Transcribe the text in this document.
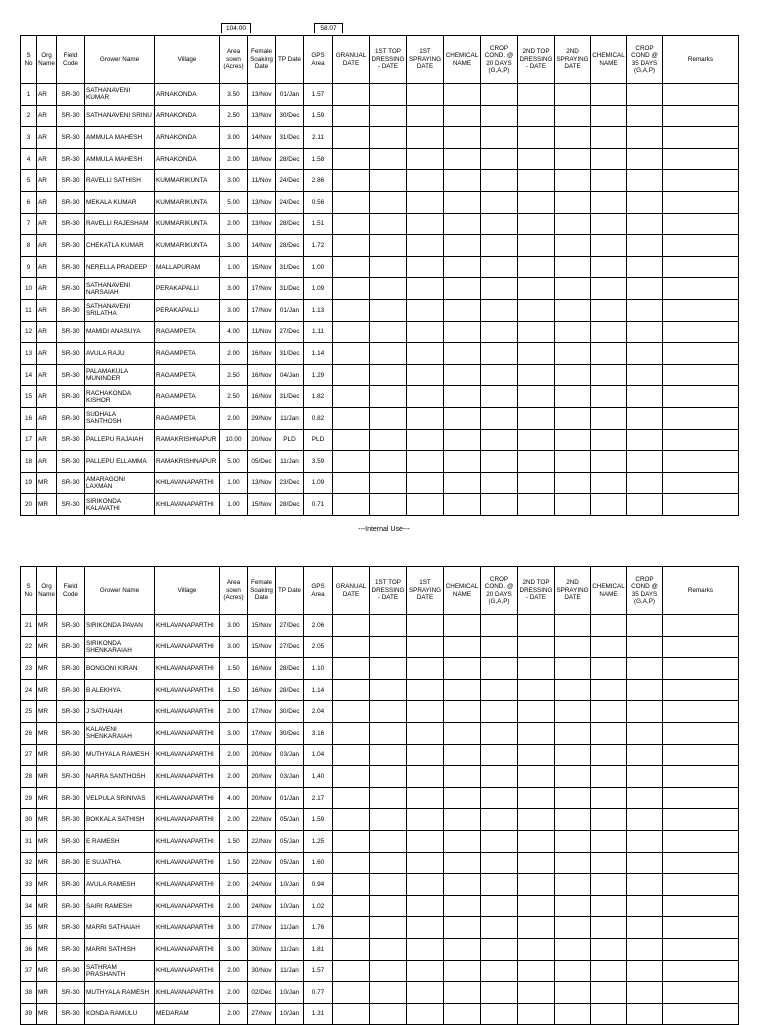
104.00	58.07
S No	Org Name	Field Code	Grower Name	Village	Area sown (Acres)	Female Soaking Date	TP Date	GPS Area	GRANUAL DATE	1ST TOP DRESSING - DATE	1ST SPRAYING DATE	CHEMICAL NAME	CROP COND. @ 20 DAYS (G,A,P)	2ND TOP DRESSING - DATE	2ND SPRAYING DATE	CHEMICAL NAME	CROP COND @ 35 DAYS (G,A,P)	Remarks
1	AR	SR-30	SATHANAVENI KUMAR	ARNAKONDA	3.50	13/Nov	01/Jan	1.57										
2	AR	SR-30	SATHANAVENI SRINU	ARNAKONDA	2.50	13/Nov	30/Dec	1.59										
3	AR	SR-30	AMMULA MAHESH	ARNAKONDA	3.00	14/Nov	31/Dec	2.11										
4	AR	SR-30	AMMULA MAHESH	ARNAKONDA	2.00	18/Nov	28/Dec	1.58										
5	AR	SR-30	RAVELLI SATHISH	KUMMARIKUNTA	3.00	11/Nov	24/Dec	2.86										
6	AR	SR-30	MEKALA KUMAR	KUMMARIKUNTA	5.00	13/Nov	24/Dec	0.56										
7	AR	SR-30	RAVELLI RAJESHAM	KUMMARIKUNTA	2.00	13/Nov	28/Dec	1.51										
8	AR	SR-30	CHEKATLA KUMAR	KUMMARIKUNTA	3.00	14/Nov	28/Dec	1.72										
9	AR	SR-30	NERELLA PRADEEP	MALLAPURAM	1.00	15/Nov	31/Dec	1.00										
10	AR	SR-30	SATHANAVENI NARSAIAH	PERAKAPALLI	3.00	17/Nov	31/Dec	1.09										
11	AR	SR-30	SATHANAVENI SRILATHA	PERAKAPALLI	3.00	17/Nov	01/Jan	1.13										
12	AR	SR-30	MAMIDI ANASUYA	RAGAMPETA	4.00	11/Nov	27/Dec	1.11										
13	AR	SR-30	AVULA RAJU	RAGAMPETA	2.00	16/Nov	31/Dec	1.14										
14	AR	SR-30	PALAMAKULA MUNINDER	RAGAMPETA	2.50	16/Nov	04/Jan	1.29										
15	AR	SR-30	RACHAKONDA KISHOR	RAGAMPETA	2.50	16/Nov	31/Dec	1.82										
16	AR	SR-30	SUDHALA SANTHOSH	RAGAMPETA	2.00	29/Nov	11/Jan	0.82										
17	AR	SR-30	PALLEPU RAJAIAH	RAMAKRISHNAPUR	10.00	20/Nov	PLD	PLD										
18	AR	SR-30	PALLEPU ELLAMMA	RAMAKRISHNAPUR	5.00	05/Dec	11/Jan	3.59										
19	MR	SR-30	AMARAGONI LAXMAN	KHILAVANAPARTHI	1.00	13/Nov	23/Dec	1.09										
20	MR	SR-30	SIRIKONDA KALAVATHI	KHILAVANAPARTHI	1.00	15/Nov	28/Dec	0.71										
---Internal Use---
S No	Org Name	Field Code	Grower Name	Village	Area sown (Acres)	Female Soaking Date	TP Date	GPS Area	GRANUAL DATE	1ST TOP DRESSING - DATE	1ST SPRAYING DATE	CHEMICAL NAME	CROP COND. @ 20 DAYS (G,A,P)	2ND TOP DRESSING - DATE	2ND SPRAYING DATE	CHEMICAL NAME	CROP COND @ 35 DAYS (G,A,P)	Remarks
21	MR	SR-30	SIRIKONDA PAVAN	KHILAVANAPARTHI	3.00	15/Nov	27/Dec	2.06										
22	MR	SR-30	SIRIKONDA SHENKARAIAH	KHILAVANAPARTHI	3.00	15/Nov	27/Dec	2.05										
23	MR	SR-30	BONGONI KIRAN	KHILAVANAPARTHI	1.50	16/Nov	28/Dec	1.10										
24	MR	SR-30	B ALEKHYA	KHILAVANAPARTHI	1.50	16/Nov	28/Dec	1.14										
25	MR	SR-30	J SATHAIAH	KHILAVANAPARTHI	2.00	17/Nov	30/Dec	2.04										
26	MR	SR-30	KALAVENI SHENKARAIAH	KHILAVANAPARTHI	3.00	17/Nov	30/Dec	3.16										
27	MR	SR-30	MUTHYALA RAMESH	KHILAVANAPARTHI	2.00	20/Nov	03/Jan	1.04										
28	MR	SR-30	NARRA SANTHOSH	KHILAVANAPARTHI	2.00	20/Nov	03/Jan	1.40										
29	MR	SR-30	VELPULA SRINIVAS	KHILAVANAPARTHI	4.00	20/Nov	01/Jan	2.17										
30	MR	SR-30	BOKKALA SATHISH	KHILAVANAPARTHI	2.00	22/Nov	05/Jan	1.59										
31	MR	SR-30	E RAMESH	KHILAVANAPARTHI	1.50	22/Nov	05/Jan	1.25										
32	MR	SR-30	E SUJATHA	KHILAVANAPARTHI	1.50	22/Nov	05/Jan	1.60										
33	MR	SR-30	AVULA RAMESH	KHILAVANAPARTHI	2.00	24/Nov	10/Jan	0.94										
34	MR	SR-30	SAIRI RAMESH	KHILAVANAPARTHI	2.00	24/Nov	10/Jan	1.02										
35	MR	SR-30	MARRI SATHAIAH	KHILAVANAPARTHI	3.00	27/Nov	11/Jan	1.76										
36	MR	SR-30	MARRI SATHISH	KHILAVANAPARTHI	3.00	30/Nov	11/Jan	1.81										
37	MR	SR-30	SATHRAM PRASHANTH	KHILAVANAPARTHI	2.00	30/Nov	11/Jan	1.57										
38	MR	SR-30	MUTHYALA RAMESH	KHILAVANAPARTHI	2.00	02/Dec	10/Jan	0.77										
39	MR	SR-30	KONDA RAMULU	MEDARAM	2.00	27/Nov	10/Jan	1.31										
